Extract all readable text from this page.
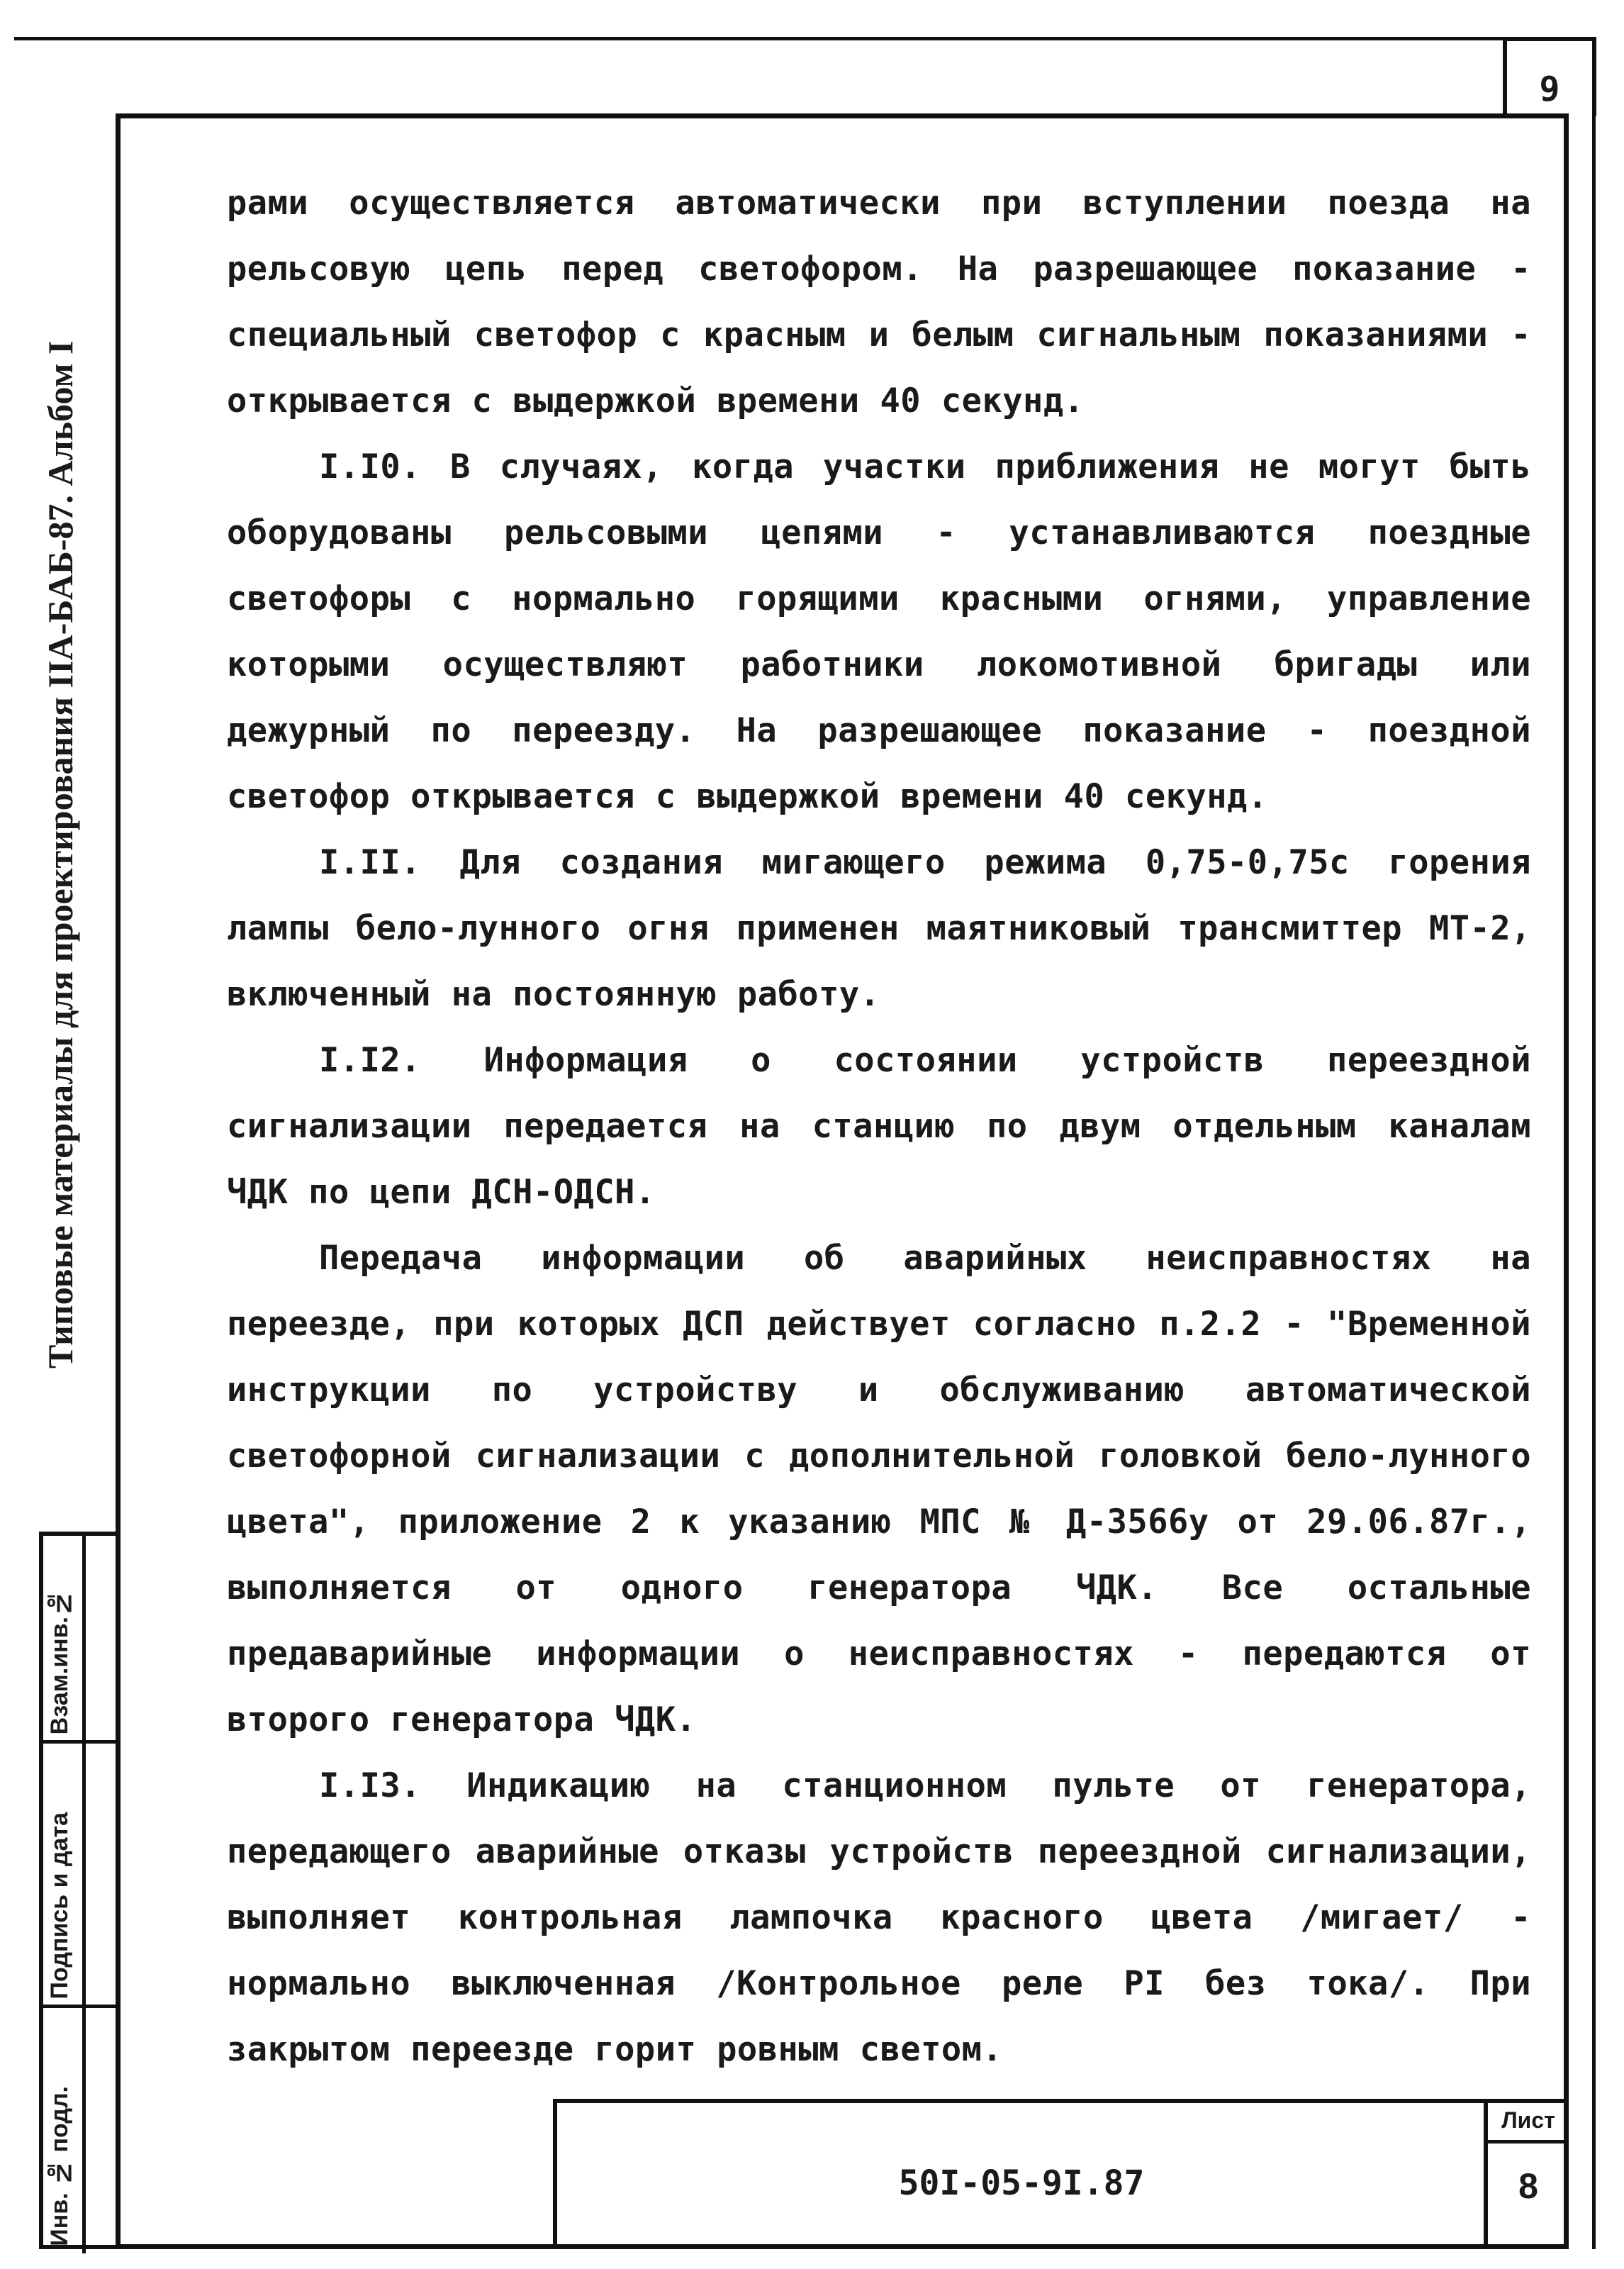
9
Типовые материалы для проектирования IIA-БАБ-87. Альбом I
Взам.инв.№
Подпись и дата
Инв. № подл.

рами осуществляется автоматически при вступлении поезда на рельсовую цепь перед светофором. На разрешающее показание - специальный светофор с красным и белым сигнальным показаниями - открывается с выдержкой времени 40 секунд.

I.I0. В случаях, когда участки приближения не могут быть оборудованы рельсовыми цепями - устанавливаются поездные светофоры с нормально горящими красными огнями, управление которыми осуществляют работники локомотивной бригады или дежурный по переезду. На разрешающее показание - поездной светофор открывается с выдержкой времени 40 секунд.

I.II. Для создания мигающего режима 0,75-0,75с горения лампы бело-лунного огня применен маятниковый трансмиттер МТ-2, включенный на постоянную работу.

I.I2. Информация о состоянии устройств переездной сигнализации передается на станцию по двум отдельным каналам ЧДК по цепи ДСН-ОДСН.

Передача информации об аварийных неисправностях на переезде, при которых ДСП действует согласно п.2.2 - "Временной инструкции по устройству и обслуживанию автоматической светофорной сигнализации с дополнительной головкой бело-лунного цвета", приложение 2 к указанию МПС № Д-3566у от 29.06.87г., выполняется от одного генератора ЧДК. Все остальные предаварийные информации о неисправностях - передаются от второго генератора ЧДК.

I.I3. Индикацию на станционном пульте от генератора, передающего аварийные отказы устройств переездной сигнализации, выполняет контрольная лампочка красного цвета /мигает/ - нормально выключенная /Контрольное реле PI без тока/. При закрытом переезде горит ровным светом.

50I-05-9I.87
Лист
8
